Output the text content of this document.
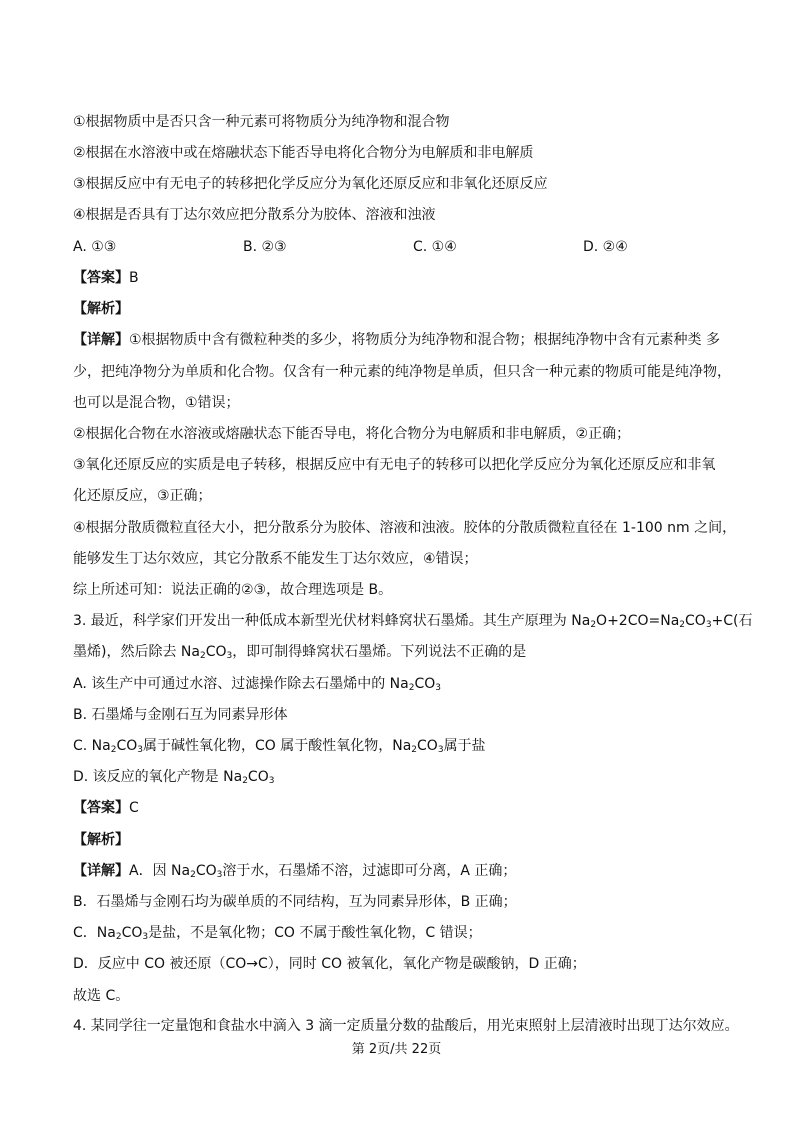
①根据物质中是否只含一种元素可将物质分为纯净物和混合物
②根据在水溶液中或在熔融状态下能否导电将化合物分为电解质和非电解质
③根据反应中有无电子的转移把化学反应分为氧化还原反应和非氧化还原反应
④根据是否具有丁达尔效应把分散系分为胶体、溶液和浊液
A. ①③	B. ②③	C. ①④	D. ②④
【答案】B
【解析】
【详解】①根据物质中含有微粒种类的多少，将物质分为纯净物和混合物；根据纯净物中含有元素种类 多
少，把纯净物分为单质和化合物。仅含有一种元素的纯净物是单质，但只含一种元素的物质可能是纯净物，
也可以是混合物，①错误；
②根据化合物在水溶液或熔融状态下能否导电，将化合物分为电解质和非电解质，②正确；
③氧化还原反应的实质是电子转移，根据反应中有无电子的转移可以把化学反应分为氧化还原反应和非氧
化还原反应，③正确；
④根据分散质微粒直径大小，把分散系分为胶体、溶液和浊液。胶体的分散质微粒直径在 1-100 nm 之间，
能够发生丁达尔效应，其它分散系不能发生丁达尔效应，④错误；
综上所述可知：说法正确的②③，故合理选项是 B。
3. 最近，科学家们开发出一种低成本新型光伏材料蜂窝状石墨烯。其生产原理为 $Na_2O+2CO=Na_2CO_3+C$(石
墨烯)，然后除去 $Na_2CO_3$，即可制得蜂窝状石墨烯。下列说法不正确的是
A. 该生产中可通过水溶、过滤操作除去石墨烯中的 $Na_2CO_3$
B. 石墨烯与金刚石互为同素异形体
C. $Na_2CO_3$属于碱性氧化物，CO 属于酸性氧化物，$Na_2CO_3$属于盐
D. 该反应的氧化产物是 $Na_2CO_3$
【答案】C
【解析】
【详解】A．因 $Na_2CO_3$溶于水，石墨烯不溶，过滤即可分离，A 正确；
B．石墨烯与金刚石均为碳单质的不同结构，互为同素异形体，B 正确；
C．$Na_2CO_3$是盐，不是氧化物；CO 不属于酸性氧化物，C 错误；
D．反应中 CO 被还原（CO→C），同时 CO 被氧化，氧化产物是碳酸钠，D 正确；
故选 C。
4. 某同学往一定量饱和食盐水中滴入 3 滴一定质量分数的盐酸后，用光束照射上层清液时出现丁达尔效应。
第 2页/共 22页
